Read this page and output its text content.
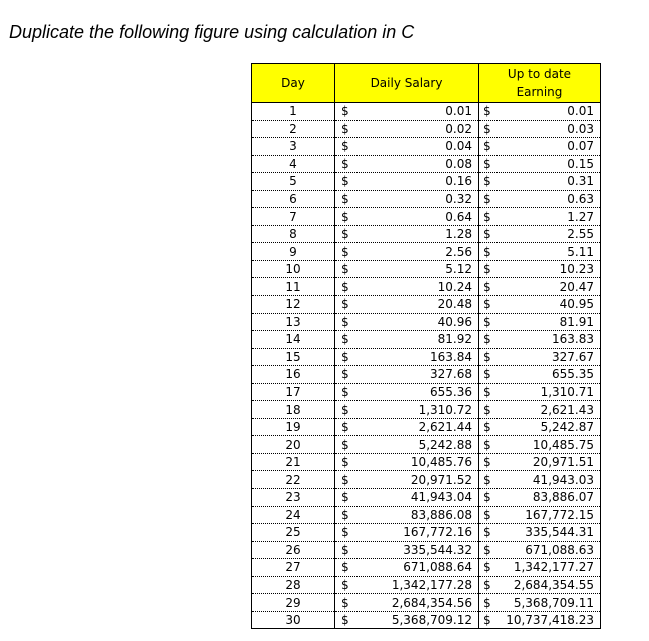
Duplicate the following figure using calculation in C
Day	Daily Salary		Up to date
Earning	
1	$	0.01	$	0.01
2	$	0.02	$	0.03
3	$	0.04	$	0.07
4	$	0.08	$	0.15
5	$	0.16	$	0.31
6	$	0.32	$	0.63
7	$	0.64	$	1.27
8	$	1.28	$	2.55
9	$	2.56	$	5.11
10	$	5.12	$	10.23
11	$	10.24	$	20.47
12	$	20.48	$	40.95
13	$	40.96	$	81.91
14	$	81.92	$	163.83
15	$	163.84	$	327.67
16	$	327.68	$	655.35
17	$	655.36	$	1,310.71
18	$	1,310.72	$	2,621.43
19	$	2,621.44	$	5,242.87
20	$	5,242.88	$	10,485.75
21	$	10,485.76	$	20,971.51
22	$	20,971.52	$	41,943.03
23	$	41,943.04	$	83,886.07
24	$	83,886.08	$	167,772.15
25	$	167,772.16	$	335,544.31
26	$	335,544.32	$	671,088.63
27	$	671,088.64	$	1,342,177.27
28	$	1,342,177.28	$	2,684,354.55
29	$	2,684,354.56	$	5,368,709.11
30	$	5,368,709.12	$	10,737,418.23
